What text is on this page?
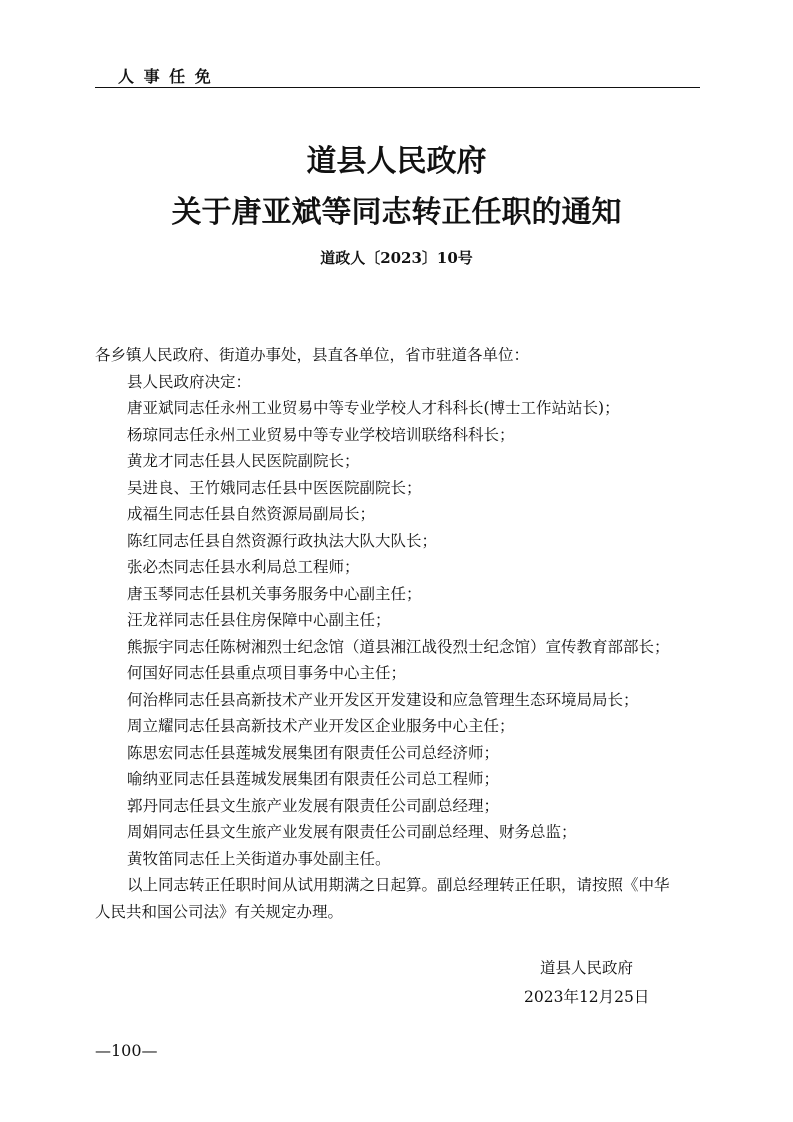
人 事 任 免
道县人民政府
关于唐亚斌等同志转正任职的通知
道政人〔2023〕10号
各乡镇人民政府、街道办事处，县直各单位，省市驻道各单位：
县人民政府决定：
唐亚斌同志任永州工业贸易中等专业学校人才科科长(博士工作站站长)；
杨琼同志任永州工业贸易中等专业学校培训联络科科长；
黄龙才同志任县人民医院副院长；
吴进良、王竹娥同志任县中医医院副院长；
成福生同志任县自然资源局副局长；
陈红同志任县自然资源行政执法大队大队长；
张必杰同志任县水利局总工程师；
唐玉琴同志任县机关事务服务中心副主任；
汪龙祥同志任县住房保障中心副主任；
熊振宇同志任陈树湘烈士纪念馆（道县湘江战役烈士纪念馆）宣传教育部部长；
何国好同志任县重点项目事务中心主任；
何治桦同志任县高新技术产业开发区开发建设和应急管理生态环境局局长；
周立耀同志任县高新技术产业开发区企业服务中心主任；
陈思宏同志任县莲城发展集团有限责任公司总经济师；
喻纳亚同志任县莲城发展集团有限责任公司总工程师；
郭丹同志任县文生旅产业发展有限责任公司副总经理；
周娟同志任县文生旅产业发展有限责任公司副总经理、财务总监；
黄牧笛同志任上关街道办事处副主任。
以上同志转正任职时间从试用期满之日起算。副总经理转正任职，请按照《中华
人民共和国公司法》有关规定办理。
道县人民政府
2023年12月25日
—100—
